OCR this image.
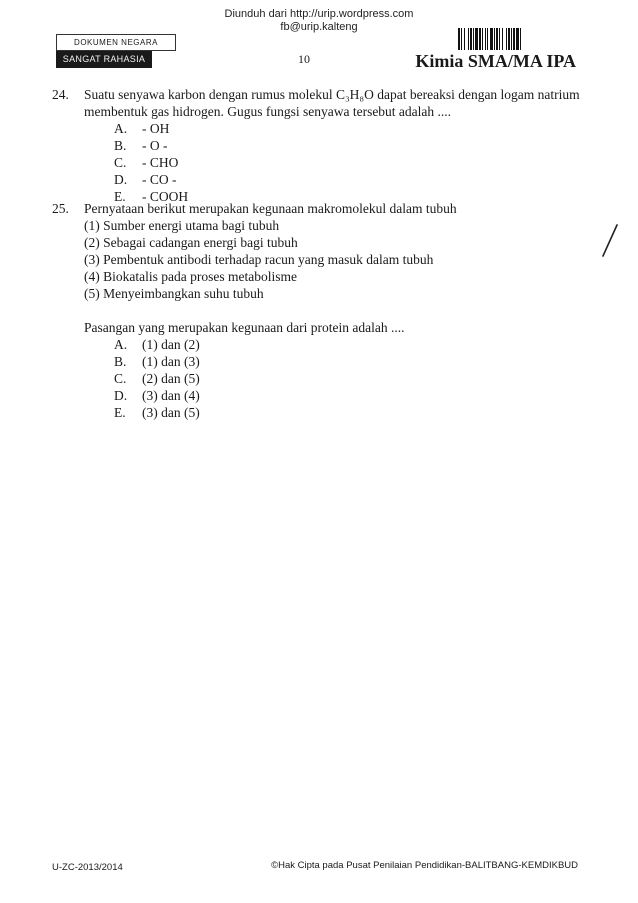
Diunduh dari http://urip.wordpress.com
fb@urip.kalteng
DOKUMEN NEGARA
SANGAT RAHASIA	10	Kimia SMA/MA IPA
24. Suatu senyawa karbon dengan rumus molekul C₃H₈O dapat bereaksi dengan logam natrium

membentuk gas hidrogen. Gugus fungsi senyawa tersebut adalah ....

A. - OH
B. - O -
C. - CHO
D. - CO -
E. - COOH
25. Pernyataan berikut merupakan kegunaan makromolekul dalam tubuh

(1) Sumber energi utama bagi tubuh
(2) Sebagai cadangan energi bagi tubuh
(3) Pembentuk antibodi terhadap racun yang masuk dalam tubuh
(4) Biokatalis pada proses metabolisme
(5) Menyeimbangkan suhu tubuh

Pasangan yang merupakan kegunaan dari protein adalah ....

A. (1) dan (2)
B. (1) dan (3)
C. (2) dan (5)
D. (3) dan (4)
E. (3) dan (5)
U-ZC-2013/2014	©Hak Cipta pada Pusat Penilaian Pendidikan-BALITBANG-KEMDIKBUD
